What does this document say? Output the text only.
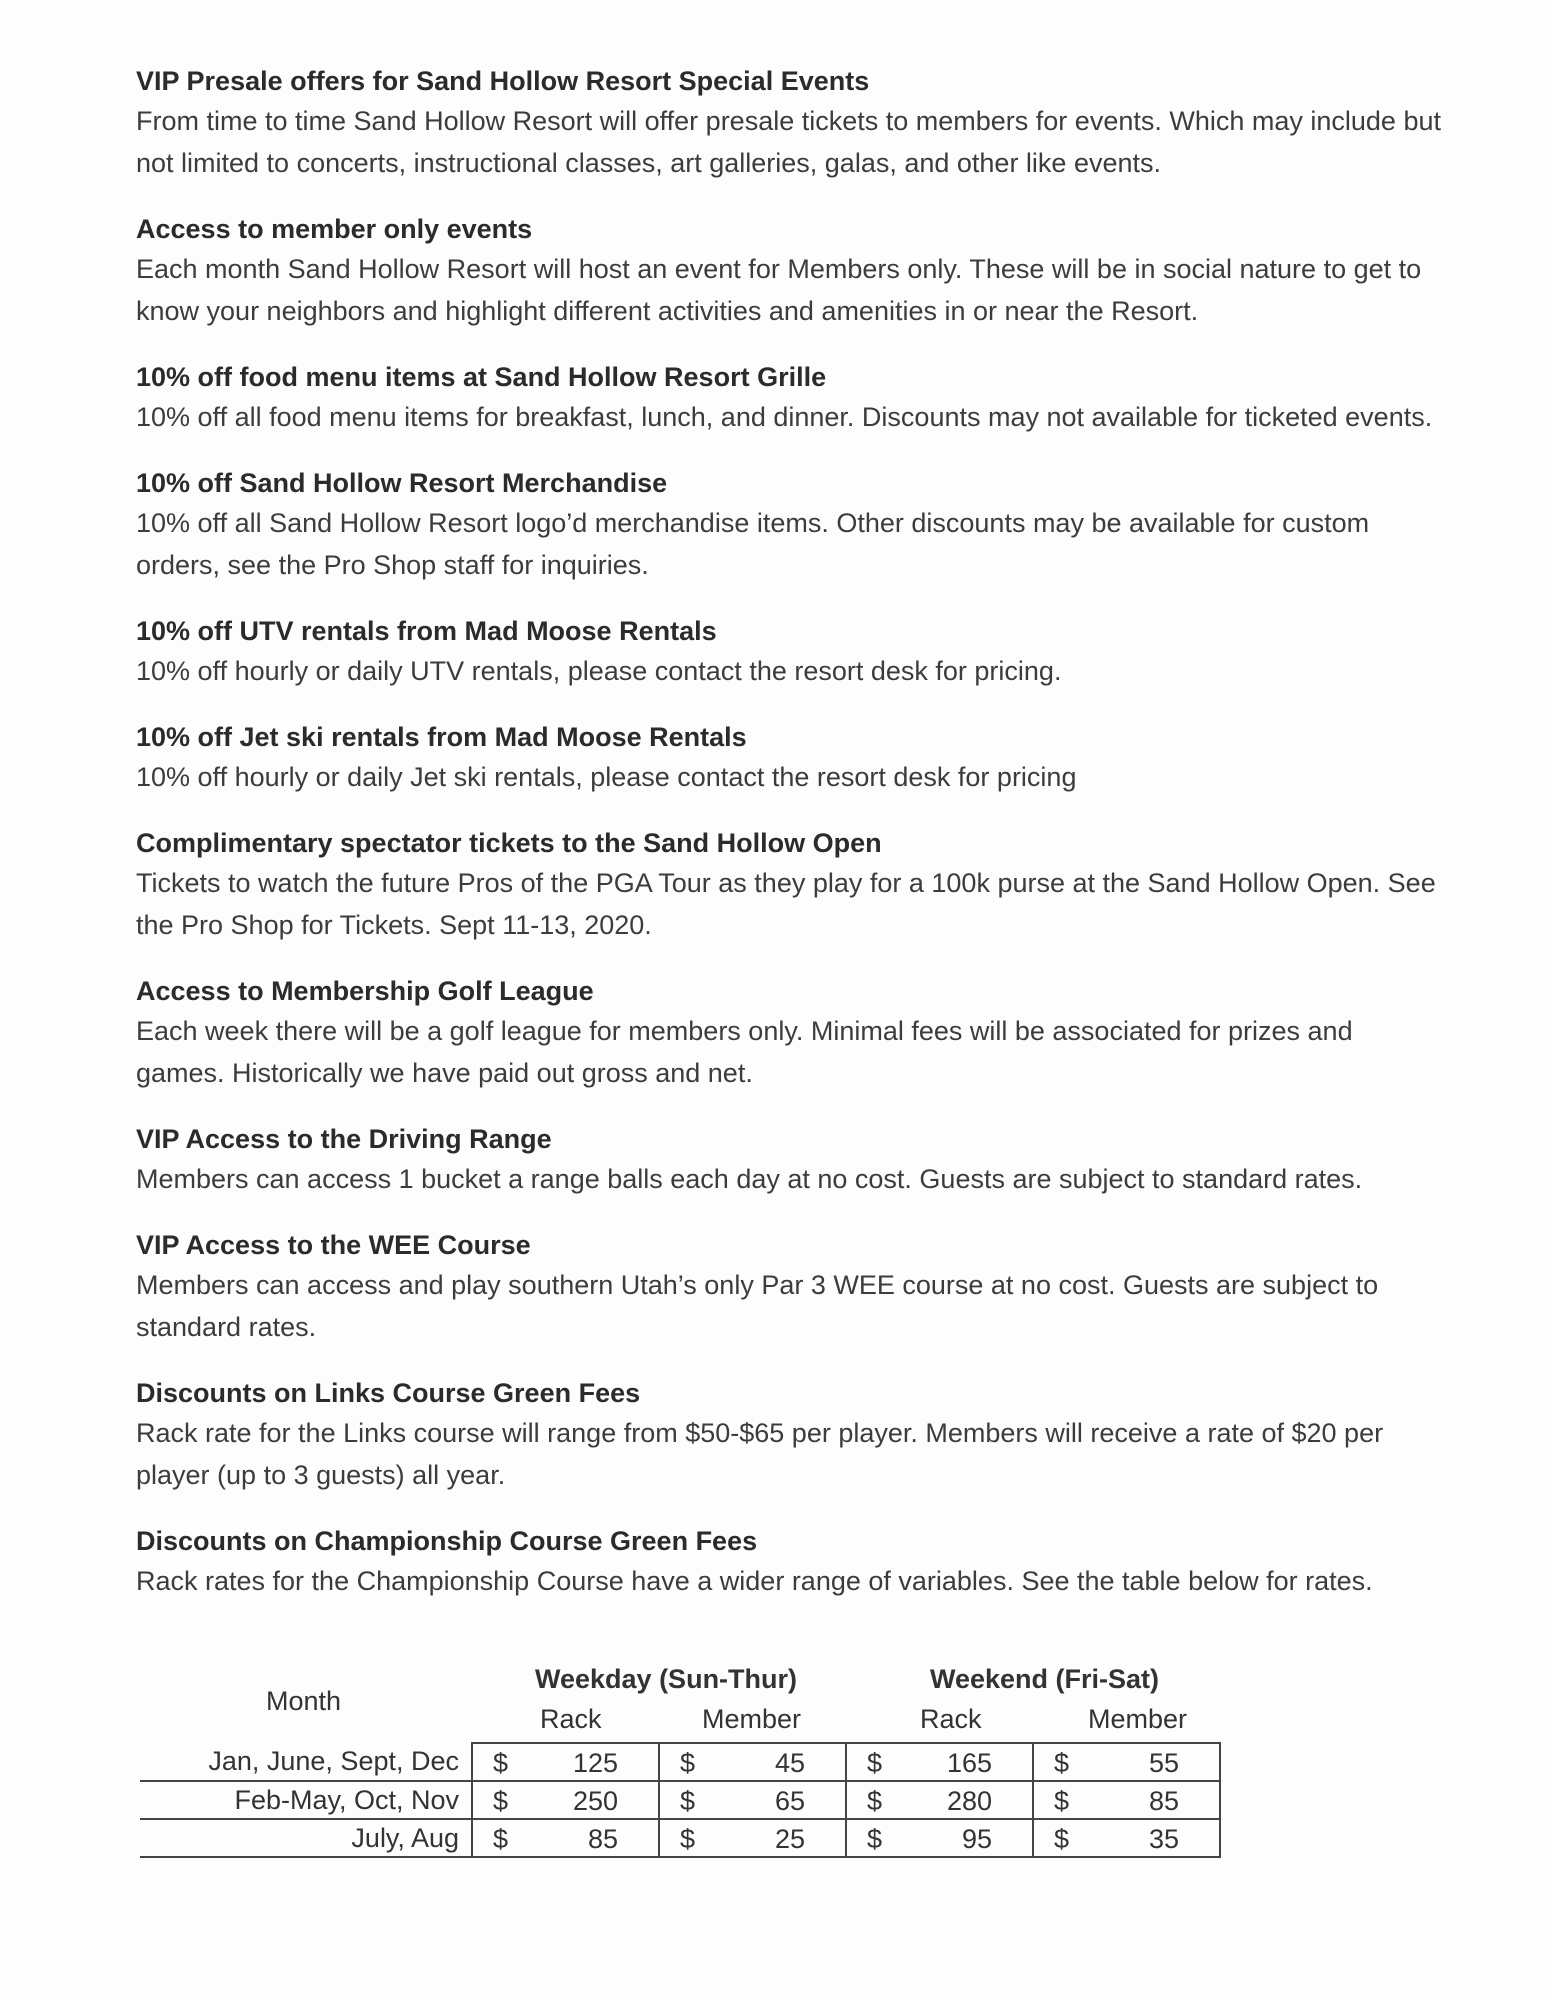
VIP Presale offers for Sand Hollow Resort Special Events
From time to time Sand Hollow Resort will offer presale tickets to members for events. Which may include but not limited to concerts, instructional classes, art galleries, galas, and other like events.
Access to member only events
Each month Sand Hollow Resort will host an event for Members only. These will be in social nature to get to know your neighbors and highlight different activities and amenities in or near the Resort.
10% off food menu items at Sand Hollow Resort Grille
10% off all food menu items for breakfast, lunch, and dinner. Discounts may not available for ticketed events.
10% off Sand Hollow Resort Merchandise
10% off all Sand Hollow Resort logo’d merchandise items. Other discounts may be available for custom orders, see the Pro Shop staff for inquiries.
10% off UTV rentals from Mad Moose Rentals
10% off hourly or daily UTV rentals, please contact the resort desk for pricing.
10% off Jet ski rentals from Mad Moose Rentals
10% off hourly or daily Jet ski rentals, please contact the resort desk for pricing
Complimentary spectator tickets to the Sand Hollow Open
Tickets to watch the future Pros of the PGA Tour as they play for a 100k purse at the Sand Hollow Open. See the Pro Shop for Tickets. Sept 11-13, 2020.
Access to Membership Golf League
Each week there will be a golf league for members only. Minimal fees will be associated for prizes and games. Historically we have paid out gross and net.
VIP Access to the Driving Range
Members can access 1 bucket a range balls each day at no cost. Guests are subject to standard rates.
VIP Access to the WEE Course
Members can access and play southern Utah’s only Par 3 WEE course at no cost. Guests are subject to standard rates.
Discounts on Links Course Green Fees
Rack rate for the Links course will range from $50-$65 per player. Members will receive a rate of $20 per player (up to 3 guests) all year.
Discounts on Championship Course Green Fees
Rack rates for the Championship Course have a wider range of variables. See the table below for rates.
Month
Weekday (Sun-Thur)	Weekend (Fri-Sat)
Rack	Member	Rack	Member
Jan, June, Sept, Dec	$ 125	$ 45	$ 165	$ 55

Feb-May, Oct, Nov	$ 250	$ 65	$ 280	$ 85

July, Aug	$ 85	$ 25	$ 95	$ 35
